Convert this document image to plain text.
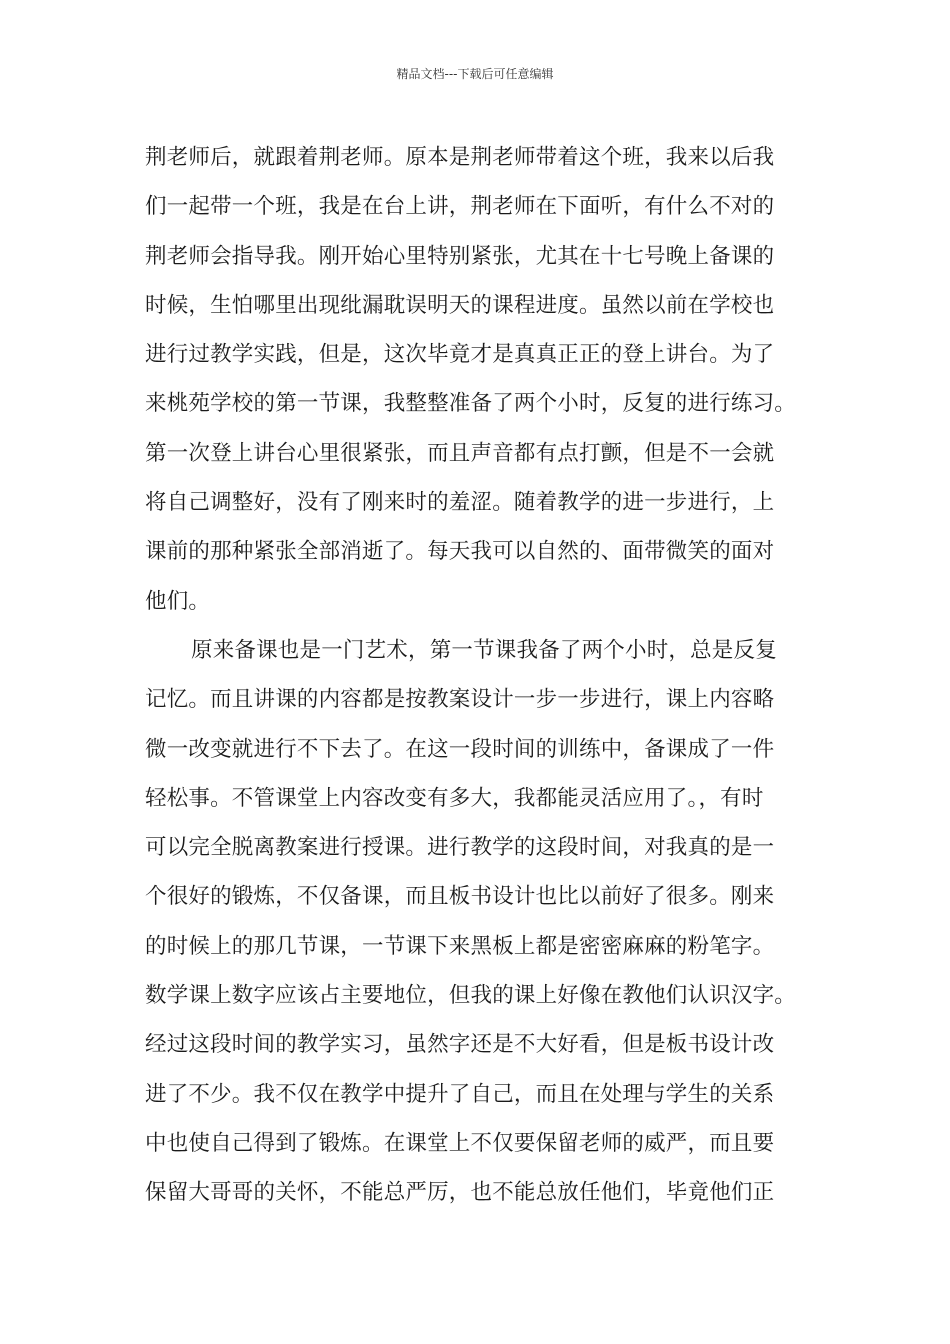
精品文档---下载后可任意编辑
荆老师后，就跟着荆老师。原本是荆老师带着这个班，我来以后我
们一起带一个班，我是在台上讲，荆老师在下面听，有什么不对的
荆老师会指导我。刚开始心里特别紧张，尤其在十七号晚上备课的
时候，生怕哪里出现纰漏耽误明天的课程进度。虽然以前在学校也
进行过教学实践，但是，这次毕竟才是真真正正的登上讲台。为了
来桃苑学校的第一节课，我整整准备了两个小时，反复的进行练习。
第一次登上讲台心里很紧张，而且声音都有点打颤，但是不一会就
将自己调整好，没有了刚来时的羞涩。随着教学的进一步进行，上
课前的那种紧张全部消逝了。每天我可以自然的、面带微笑的面对
他们。
原来备课也是一门艺术，第一节课我备了两个小时，总是反复
记忆。而且讲课的内容都是按教案设计一步一步进行，课上内容略
微一改变就进行不下去了。在这一段时间的训练中，备课成了一件
轻松事。不管课堂上内容改变有多大，我都能灵活应用了。，有时
可以完全脱离教案进行授课。进行教学的这段时间，对我真的是一
个很好的锻炼，不仅备课，而且板书设计也比以前好了很多。刚来
的时候上的那几节课，一节课下来黑板上都是密密麻麻的粉笔字。
数学课上数字应该占主要地位，但我的课上好像在教他们认识汉字。
经过这段时间的教学实习，虽然字还是不大好看，但是板书设计改
进了不少。我不仅在教学中提升了自己，而且在处理与学生的关系
中也使自己得到了锻炼。在课堂上不仅要保留老师的威严，而且要
保留大哥哥的关怀，不能总严厉，也不能总放任他们，毕竟他们正
